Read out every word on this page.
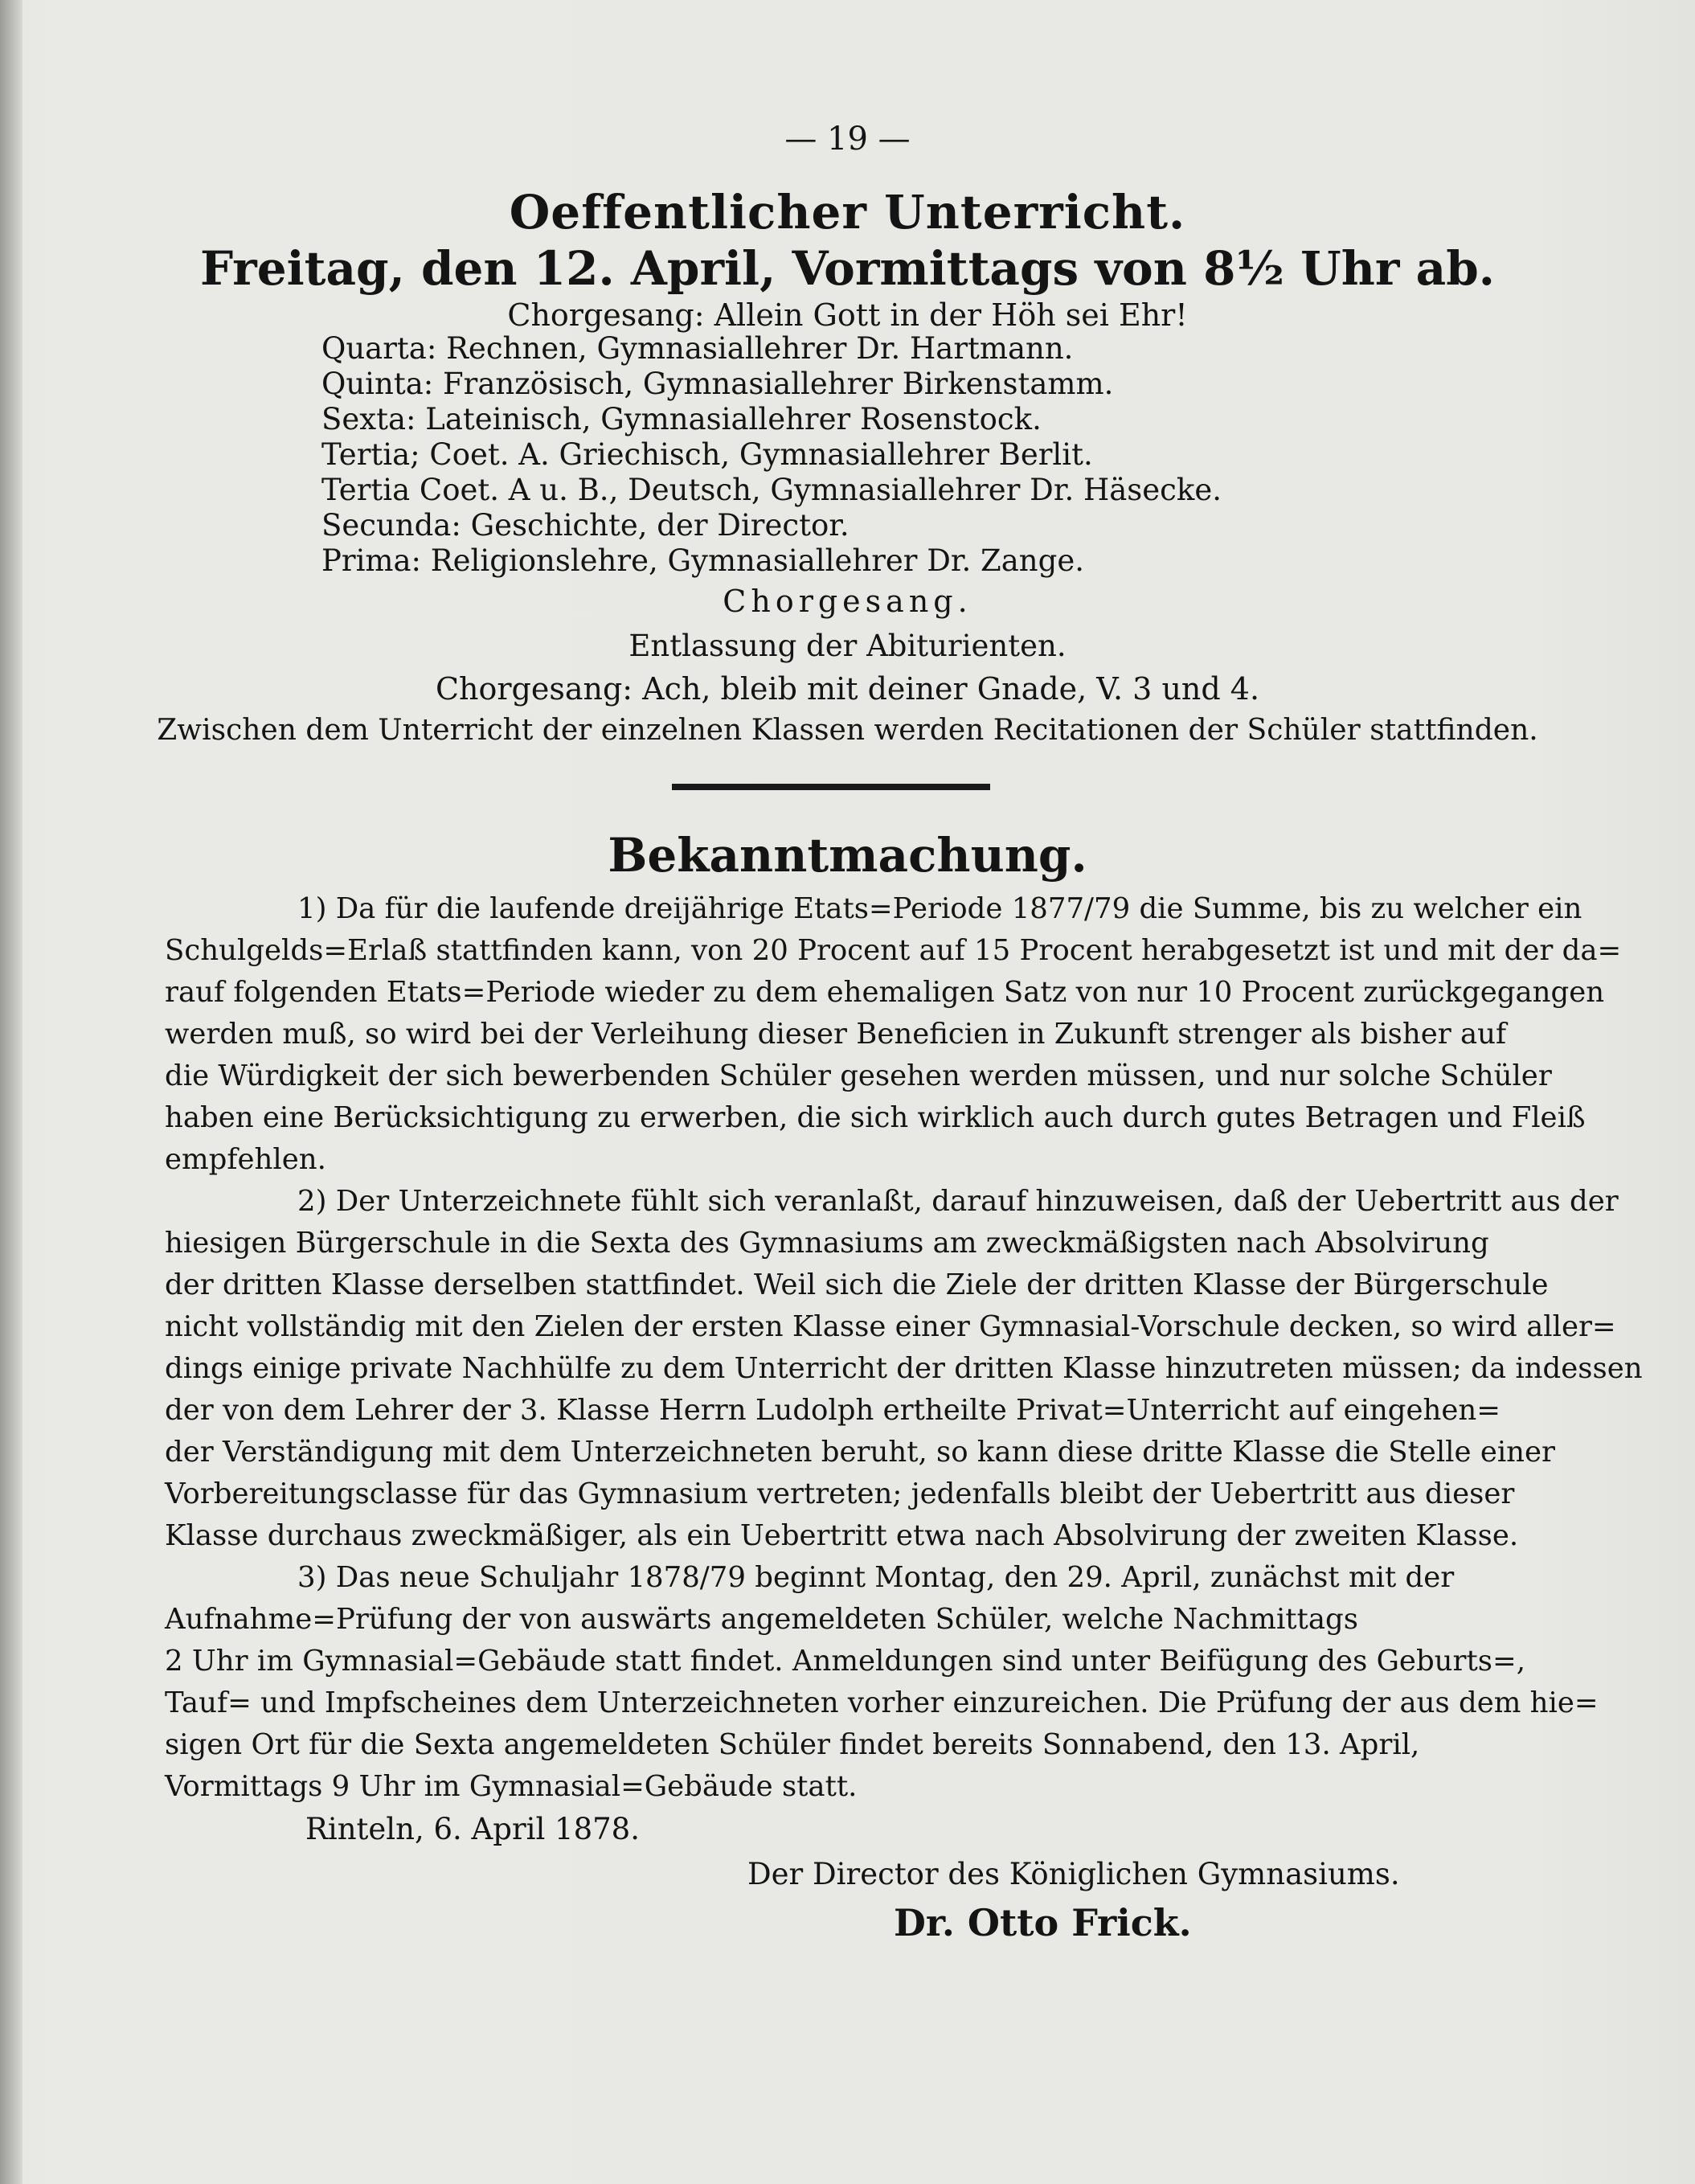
— 19 —
Oeffentlicher Unterricht.
Freitag, den 12. April, Vormittags von 8½ Uhr ab.
Chorgesang: Allein Gott in der Höh sei Ehr!
Quarta: Rechnen, Gymnasiallehrer Dr. Hartmann.
Quinta: Französisch, Gymnasiallehrer Birkenstamm.
Sexta: Lateinisch, Gymnasiallehrer Rosenstock.
Tertia; Coet. A. Griechisch, Gymnasiallehrer Berlit.
Tertia Coet. A u. B., Deutsch, Gymnasiallehrer Dr. Häsecke.
Secunda: Geschichte, der Director.
Prima: Religionslehre, Gymnasiallehrer Dr. Zange.
Chorgesang.
Entlassung der Abiturienten.
Chorgesang: Ach, bleib mit deiner Gnade, V. 3 und 4.
Zwischen dem Unterricht der einzelnen Klassen werden Recitationen der Schüler stattfinden.
Bekanntmachung.
1) Da für die laufende dreijährige Etats=Periode 1877/79 die Summe, bis zu welcher ein
Schulgelds=Erlaß stattfinden kann, von 20 Procent auf 15 Procent herabgesetzt ist und mit der da=
rauf folgenden Etats=Periode wieder zu dem ehemaligen Satz von nur 10 Procent zurückgegangen
werden muß, so wird bei der Verleihung dieser Beneficien in Zukunft strenger als bisher auf
die Würdigkeit der sich bewerbenden Schüler gesehen werden müssen, und nur solche Schüler
haben eine Berücksichtigung zu erwerben, die sich wirklich auch durch gutes Betragen und Fleiß
empfehlen.
2) Der Unterzeichnete fühlt sich veranlaßt, darauf hinzuweisen, daß der Uebertritt aus der
hiesigen Bürgerschule in die Sexta des Gymnasiums am zweckmäßigsten nach Absolvirung
der dritten Klasse derselben stattfindet. Weil sich die Ziele der dritten Klasse der Bürgerschule
nicht vollständig mit den Zielen der ersten Klasse einer Gymnasial-Vorschule decken, so wird aller=
dings einige private Nachhülfe zu dem Unterricht der dritten Klasse hinzutreten müssen; da indessen
der von dem Lehrer der 3. Klasse Herrn Ludolph ertheilte Privat=Unterricht auf eingehen=
der Verständigung mit dem Unterzeichneten beruht, so kann diese dritte Klasse die Stelle einer
Vorbereitungsclasse für das Gymnasium vertreten; jedenfalls bleibt der Uebertritt aus dieser
Klasse durchaus zweckmäßiger, als ein Uebertritt etwa nach Absolvirung der zweiten Klasse.
3) Das neue Schuljahr 1878/79 beginnt Montag, den 29. April, zunächst mit der
Aufnahme=Prüfung der von auswärts angemeldeten Schüler, welche Nachmittags
2 Uhr im Gymnasial=Gebäude statt findet. Anmeldungen sind unter Beifügung des Geburts=,
Tauf= und Impfscheines dem Unterzeichneten vorher einzureichen. Die Prüfung der aus dem hie=
sigen Ort für die Sexta angemeldeten Schüler findet bereits Sonnabend, den 13. April,
Vormittags 9 Uhr im Gymnasial=Gebäude statt.
Rinteln, 6. April 1878.
Der Director des Königlichen Gymnasiums.
Dr. Otto Frick.
